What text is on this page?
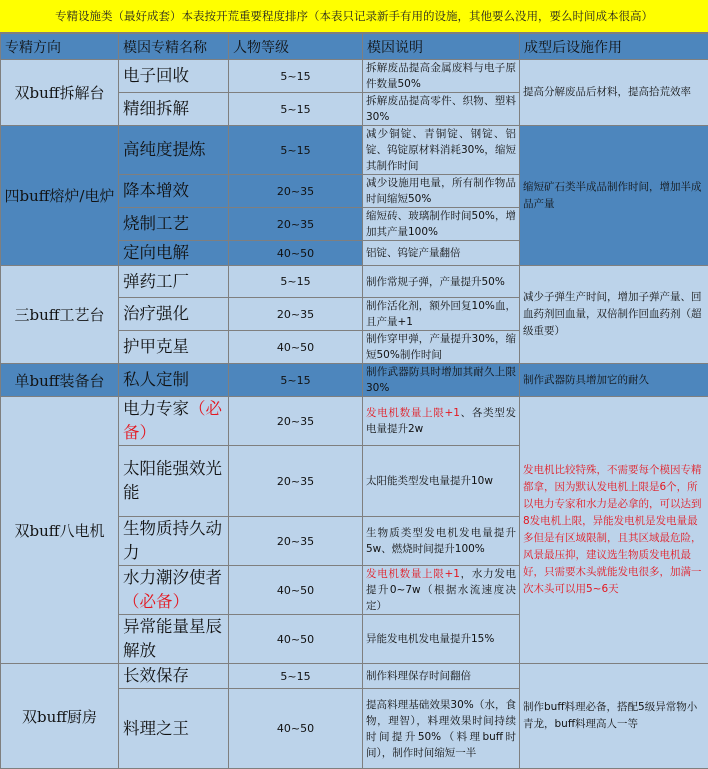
专精设施类（最好成套）本表按开荒重要程度排序（本表只记录新手有用的设施，其他要么没用，要么时间成本很高）
专精方向	模因专精名称	人物等级	模因说明	成型后设施作用
双buff拆解台	电子回收	5~15	拆解废品提高金属废料与电子原件数量50%	提高分解废品后材料，提高拾荒效率
	精细拆解	5~15	拆解废品提高零件、织物、塑料30%	
四buff熔炉/电炉	高纯度提炼	5~15	减少铜锭、青铜锭、钢锭、铝锭、钨锭原材料消耗30%，缩短其制作时间	缩短矿石类半成品制作时间，增加半成品产量
	降本增效	20~35	减少设施用电量，所有制作物品时间缩短50%	
	烧制工艺	20~35	缩短砖、玻璃制作时间50%，增加其产量100%	
	定向电解	40~50	铝锭、钨锭产量翻倍	
三buff工艺台	弹药工厂	5~15	制作常规子弹，产量提升50%	减少子弹生产时间，增加子弹产量、回血药剂回血量，双倍制作回血药剂（超级重要）
	治疗强化	20~35	制作活化剂，额外回复10%血，且产量+1	
	护甲克星	40~50	制作穿甲弹，产量提升30%，缩短50%制作时间	
单buff装备台	私人定制	5~15	制作武器防具时增加其耐久上限30%	制作武器防具增加它的耐久
双buff八电机	电力专家（必备）	20~35	发电机数量上限+1、各类型发电量提升2w	发电机比较特殊，不需要每个模因专精都拿，因为默认发电机上限是6个，所以电力专家和水力是必拿的，可以达到8发电机上限，异能发电机是发电量最多但是有区域限制，且其区域最危险，风景最压抑，建议选生物质发电机最好，只需要木头就能发电很多，加满一次木头可以用5~6天
	太阳能强效光能	20~35	太阳能类型发电量提升10w	
	生物质持久动力	20~35	生物质类型发电机发电量提升5w、燃烧时间提升100%	
	水力潮汐使者（必备）	40~50	发电机数量上限+1，水力发电提升0~7w（根据水流速度决定）	
	异常能量星辰解放	40~50	异能发电机发电量提升15%	
双buff厨房	长效保存	5~15	制作料理保存时间翻倍	制作buff料理必备，搭配5级异常物小青龙，buff料理高人一等
	料理之王	40~50	提高料理基础效果30%（水，食物，理智），料理效果时间持续时间提升50%（料理buff时间），制作时间缩短一半	
